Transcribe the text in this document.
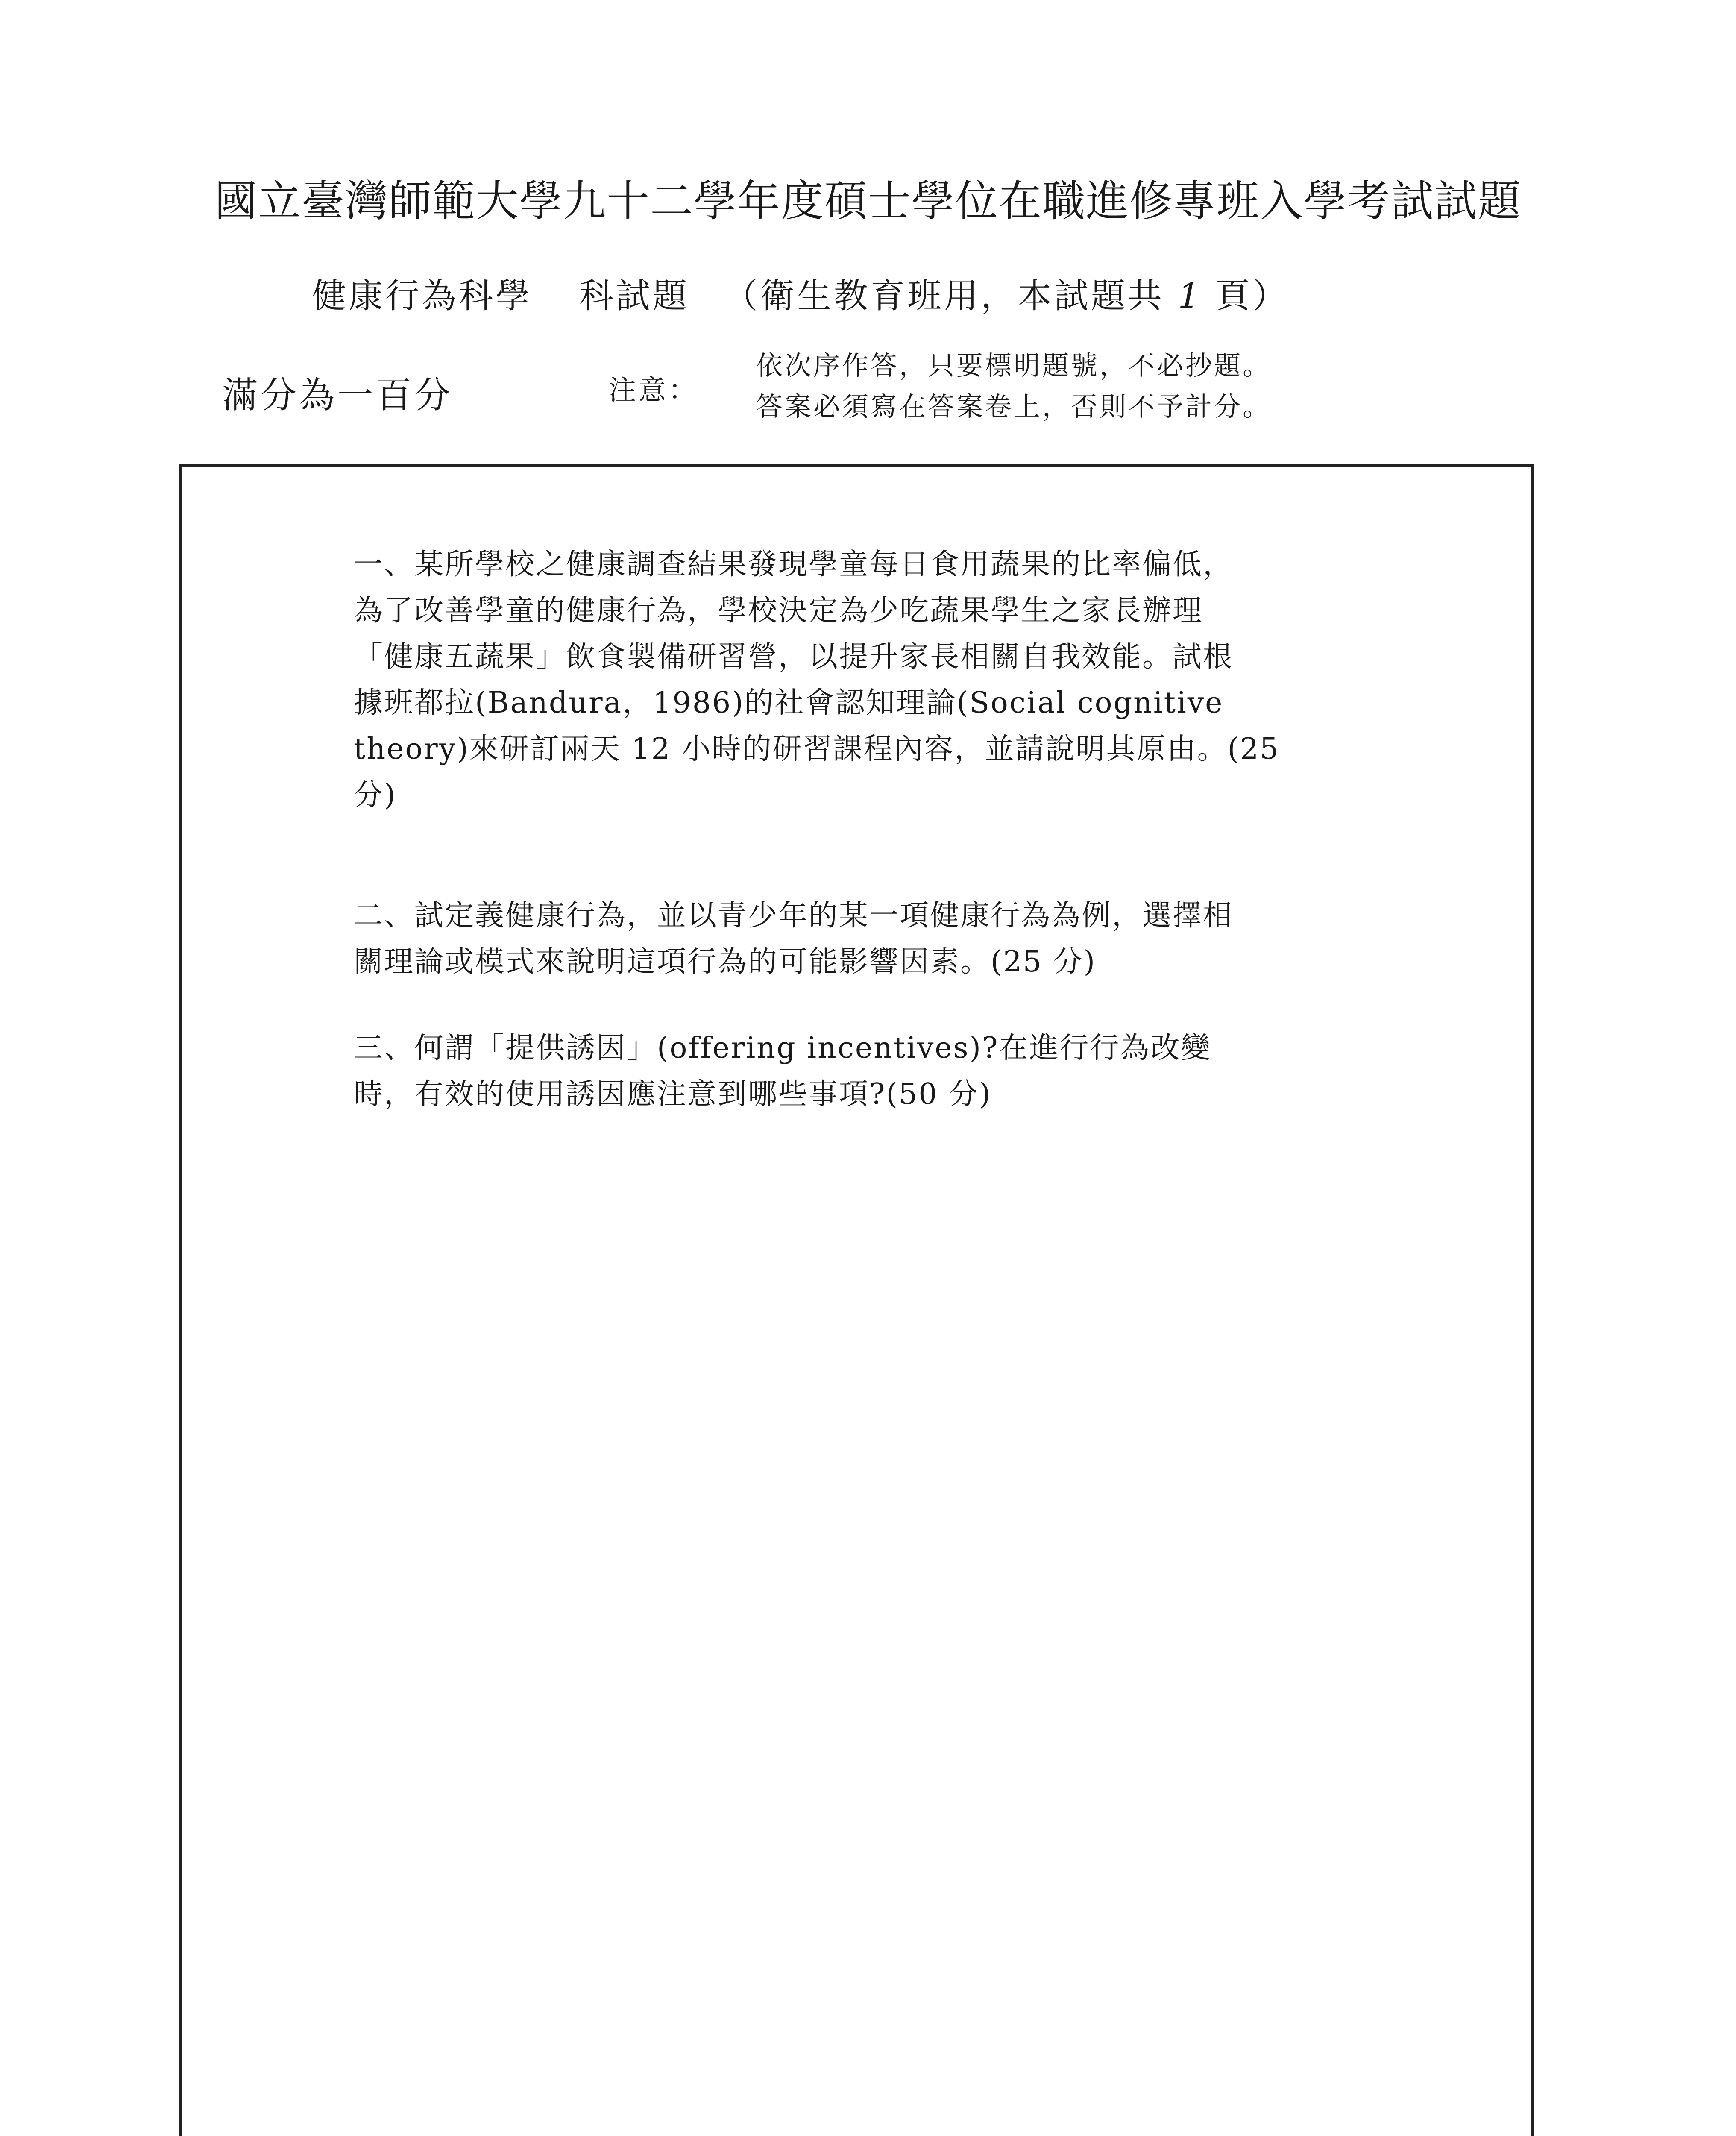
國立臺灣師範大學九十二學年度碩士學位在職進修專班入學考試試題
健康行為科學 科試題 （衛生教育班用，本試題共 1 頁）
滿分為一百分	注意：
依次序作答，只要標明題號，不必抄題。
答案必須寫在答案卷上，否則不予計分。
一、某所學校之健康調查結果發現學童每日食用蔬果的比率偏低，
為了改善學童的健康行為，學校決定為少吃蔬果學生之家長辦理
「健康五蔬果」飲食製備研習營，以提升家長相關自我效能。試根
據班都拉(Bandura，1986)的社會認知理論(Social cognitive
theory)來研訂兩天 12 小時的研習課程內容，並請說明其原由。(25
分)
二、試定義健康行為，並以青少年的某一項健康行為為例，選擇相
關理論或模式來說明這項行為的可能影響因素。(25 分)
三、何謂「提供誘因」(offering incentives)?在進行行為改變
時，有效的使用誘因應注意到哪些事項?(50 分)
